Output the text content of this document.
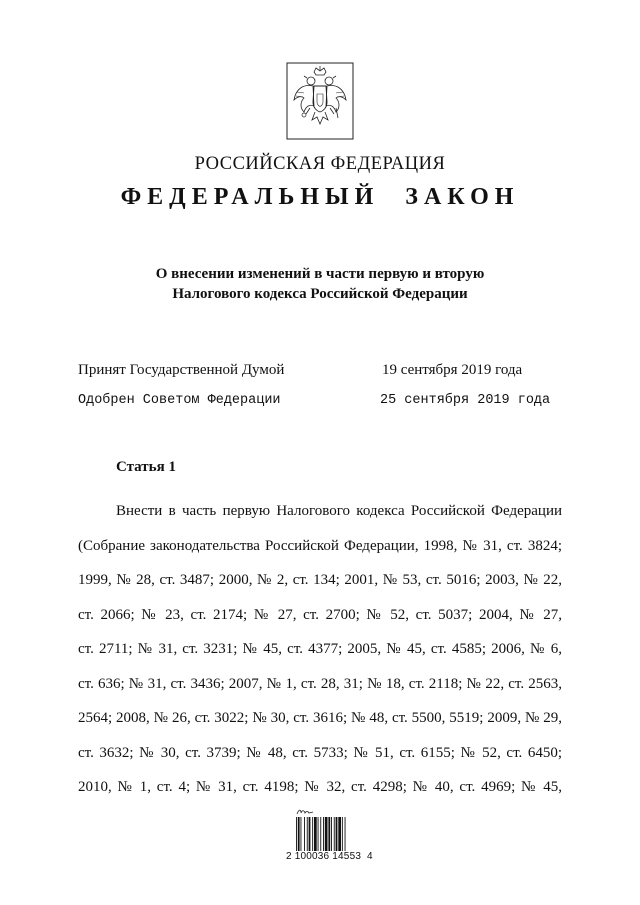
РОССИЙСКАЯ ФЕДЕРАЦИЯ
ФЕДЕРАЛЬНЫЙ ЗАКОН
О внесении изменений в части первую и вторую
Налогового кодекса Российской Федерации
Принят Государственной Думой	19 сентября 2019 года
Одобрен Советом Федерации	25 сентября 2019 года
Статья 1
Внести в часть первую Налогового кодекса Российской Федерации
(Собрание законодательства Российской Федерации, 1998, № 31, ст. 3824;
1999, № 28, ст. 3487; 2000, № 2, ст. 134; 2001, № 53, ст. 5016; 2003, № 22,
ст. 2066; № 23, ст. 2174; № 27, ст. 2700; № 52, ст. 5037; 2004, № 27,
ст. 2711; № 31, ст. 3231; № 45, ст. 4377; 2005, № 45, ст. 4585; 2006, № 6,
ст. 636; № 31, ст. 3436; 2007, № 1, ст. 28, 31; № 18, ст. 2118; № 22, ст. 2563,
2564; 2008, № 26, ст. 3022; № 30, ст. 3616; № 48, ст. 5500, 5519; 2009, № 29,
ст. 3632; № 30, ст. 3739; № 48, ст. 5733; № 51, ст. 6155; № 52, ст. 6450;
2010, № 1, ст. 4; № 31, ст. 4198; № 32, ст. 4298; № 40, ст. 4969; № 45,
2 100036 14553  4
